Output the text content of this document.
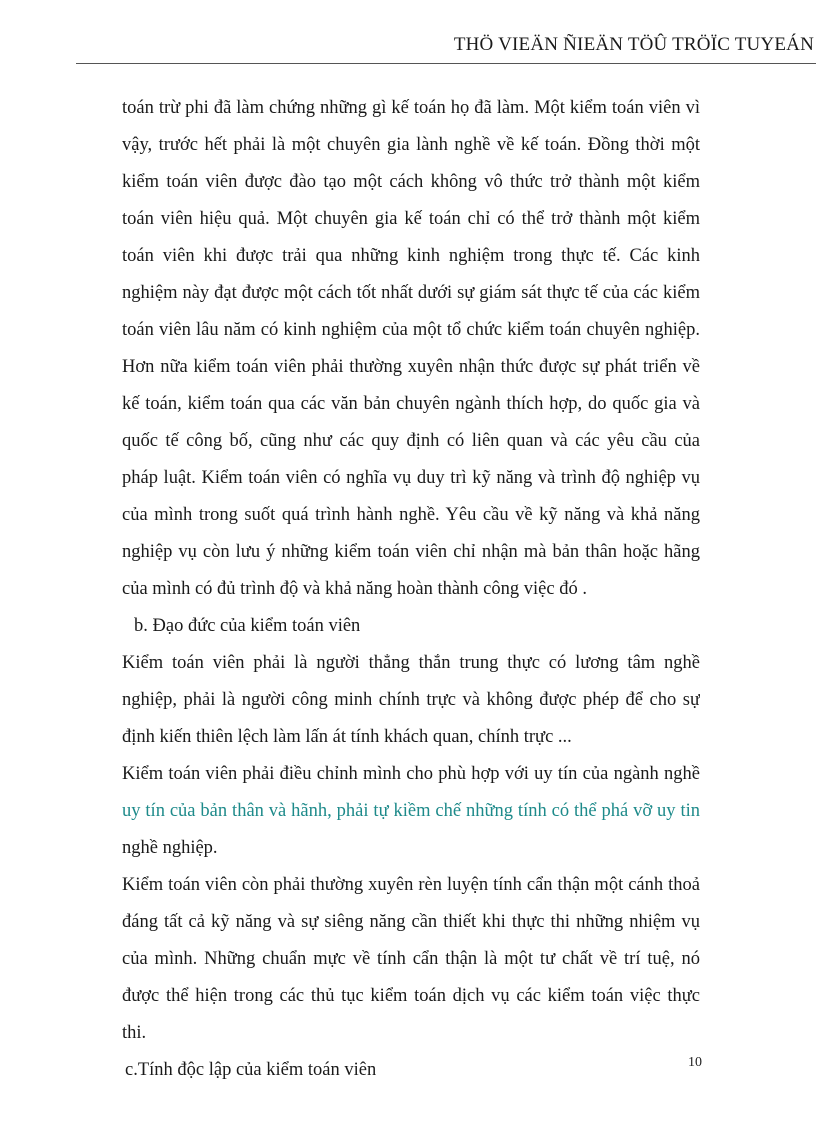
THÖ VIEÄN ÑIEÄN TÖÛ TRÖÏC TUYEÁN
toán trừ phi đã làm chứng những gì kế toán họ đã làm. Một kiểm toán viên vì
vậy, trước hết phải là một chuyên gia lành nghề về kế toán. Đồng thời một
kiểm toán viên được đào tạo một cách không vô thức trở thành một kiểm
toán viên hiệu quả. Một chuyên gia kế toán chỉ có thể trở thành một kiểm
toán viên khi được trải qua những kinh nghiệm trong thực tế. Các kinh
nghiệm này đạt được một cách tốt nhất dưới sự giám sát thực tế của các kiểm
toán viên lâu năm có kinh nghiệm của một tổ chức kiểm toán chuyên nghiệp.
Hơn nữa kiểm toán viên phải thường xuyên nhận thức được sự phát triển về
kế toán, kiểm toán qua các văn bản chuyên ngành thích hợp, do quốc gia và
quốc tế công bố, cũng như các quy định có liên quan và các yêu cầu của
pháp luật. Kiểm toán viên có nghĩa vụ duy trì kỹ năng và trình độ nghiệp vụ
của mình trong suốt quá trình hành nghề. Yêu cầu về kỹ năng và khả năng
nghiệp vụ còn lưu ý những kiểm toán viên chỉ nhận mà bản thân hoặc hãng
của mình có đủ trình độ và khả năng hoàn thành công việc đó .
b. Đạo đức của kiểm toán viên
Kiểm toán viên phải là người thẳng thắn trung thực có lương tâm nghề
nghiệp, phải là người công minh chính trực và không được phép để cho sự
định kiến thiên lệch làm lấn át tính khách quan, chính trực ...
Kiểm toán viên phải điều chỉnh mình cho phù hợp với uy tín của ngành nghề
uy tín của bản thân và hãnh, phải tự kiềm chế những tính có thể phá vỡ uy tin
nghề nghiệp.
Kiểm toán viên còn phải thường xuyên rèn luyện tính cẩn thận một cánh thoả
đáng tất cả kỹ năng và sự siêng năng cần thiết khi thực thi những nhiệm vụ
của mình. Những chuẩn mực về tính cẩn thận là một tư chất về trí tuệ, nó
được thể hiện trong các thủ tục kiểm toán dịch vụ các kiểm toán việc thực
thi.
c.Tính độc lập của kiểm toán viên	10
